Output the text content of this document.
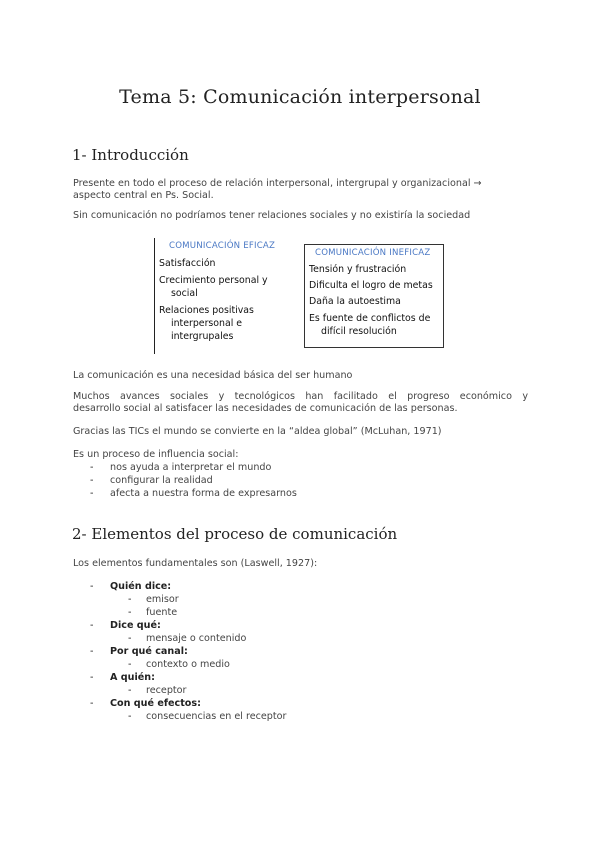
Tema 5: Comunicación interpersonal
1- Introducción
Presente en todo el proceso de relación interpersonal, intergrupal y organizacional →
aspecto central en Ps. Social.
Sin comunicación no podríamos tener relaciones sociales y no existiría la sociedad
COMUNICACIÓN EFICAZ
Satisfacción
Crecimiento personal y
social
Relaciones positivas
interpersonal e
intergrupales
COMUNICACIÓN INEFICAZ
Tensión y frustración
Dificulta el logro de metas
Daña la autoestima
Es fuente de conflictos de
difícil resolución
La comunicación es una necesidad básica del ser humano
Muchos avances sociales y tecnológicos han facilitado el progreso económico y
desarrollo social al satisfacer las necesidades de comunicación de las personas.
Gracias las TICs el mundo se convierte en la “aldea global” (McLuhan, 1971)
Es un proceso de influencia social:
- nos ayuda a interpretar el mundo
- configurar la realidad
- afecta a nuestra forma de expresarnos
2- Elementos del proceso de comunicación
Los elementos fundamentales son (Laswell, 1927):
- Quién dice:
- emisor
- fuente
- Dice qué:
- mensaje o contenido
- Por qué canal:
- contexto o medio
- A quién:
- receptor
- Con qué efectos:
- consecuencias en el receptor
